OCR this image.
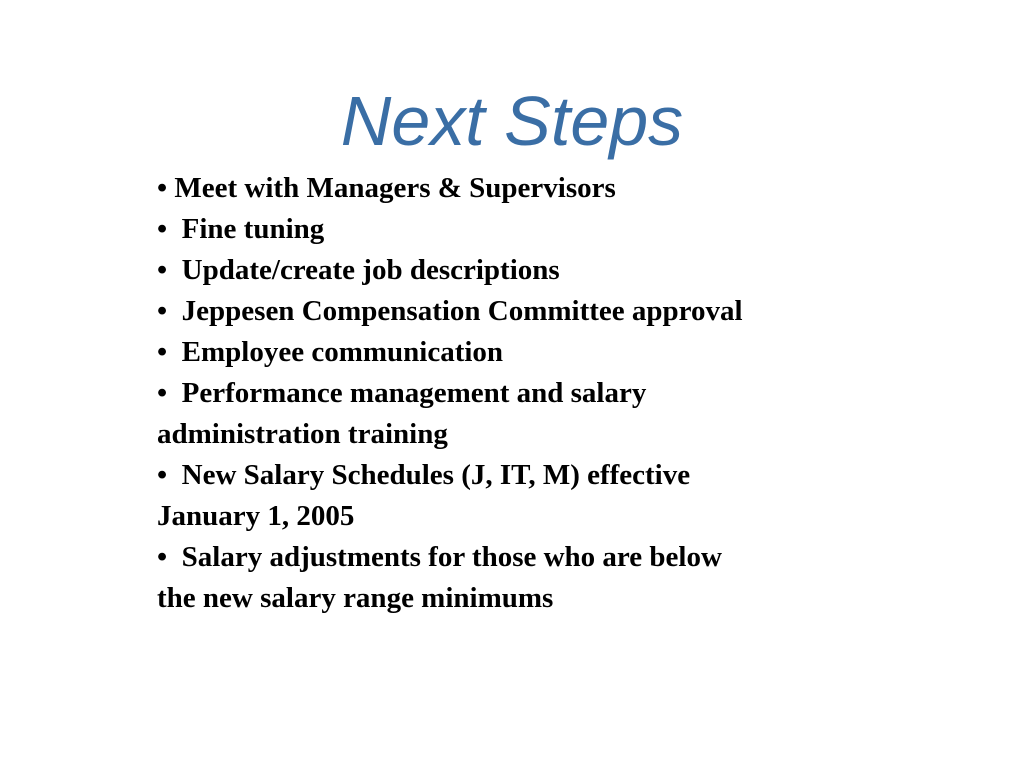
Next Steps
• Meet with Managers & Supervisors
•  Fine tuning
•  Update/create job descriptions
•  Jeppesen Compensation Committee approval
•  Employee communication
•  Performance management and salary
administration training
•  New Salary Schedules (J, IT, M) effective
January 1, 2005
•  Salary adjustments for those who are below
the new salary range minimums
